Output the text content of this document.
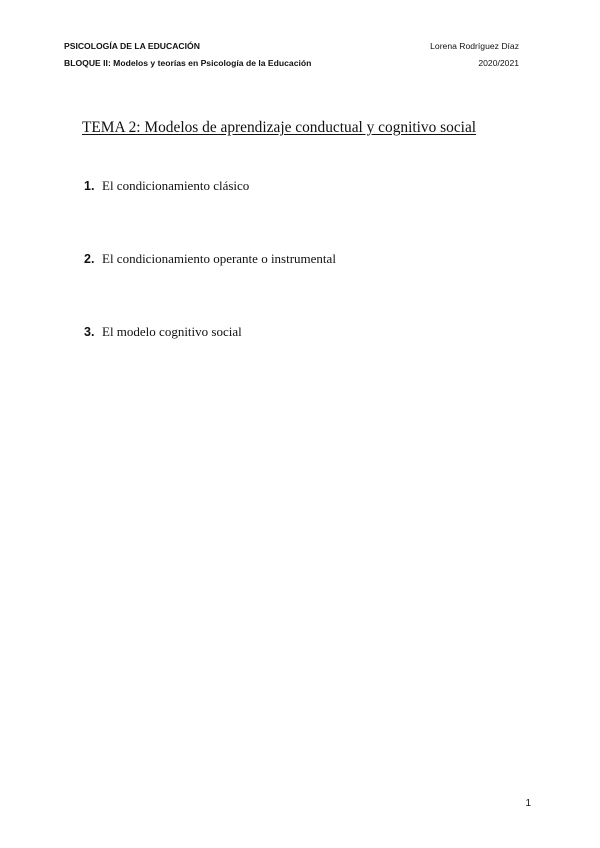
PSICOLOGÍA DE LA EDUCACIÓN	Lorena Rodríguez Díaz
BLOQUE II: Modelos y teorías en Psicología de la Educación	2020/2021
TEMA 2: Modelos de aprendizaje conductual y cognitivo social
1. El condicionamiento clásico
2. El condicionamiento operante o instrumental
3. El modelo cognitivo social
1
